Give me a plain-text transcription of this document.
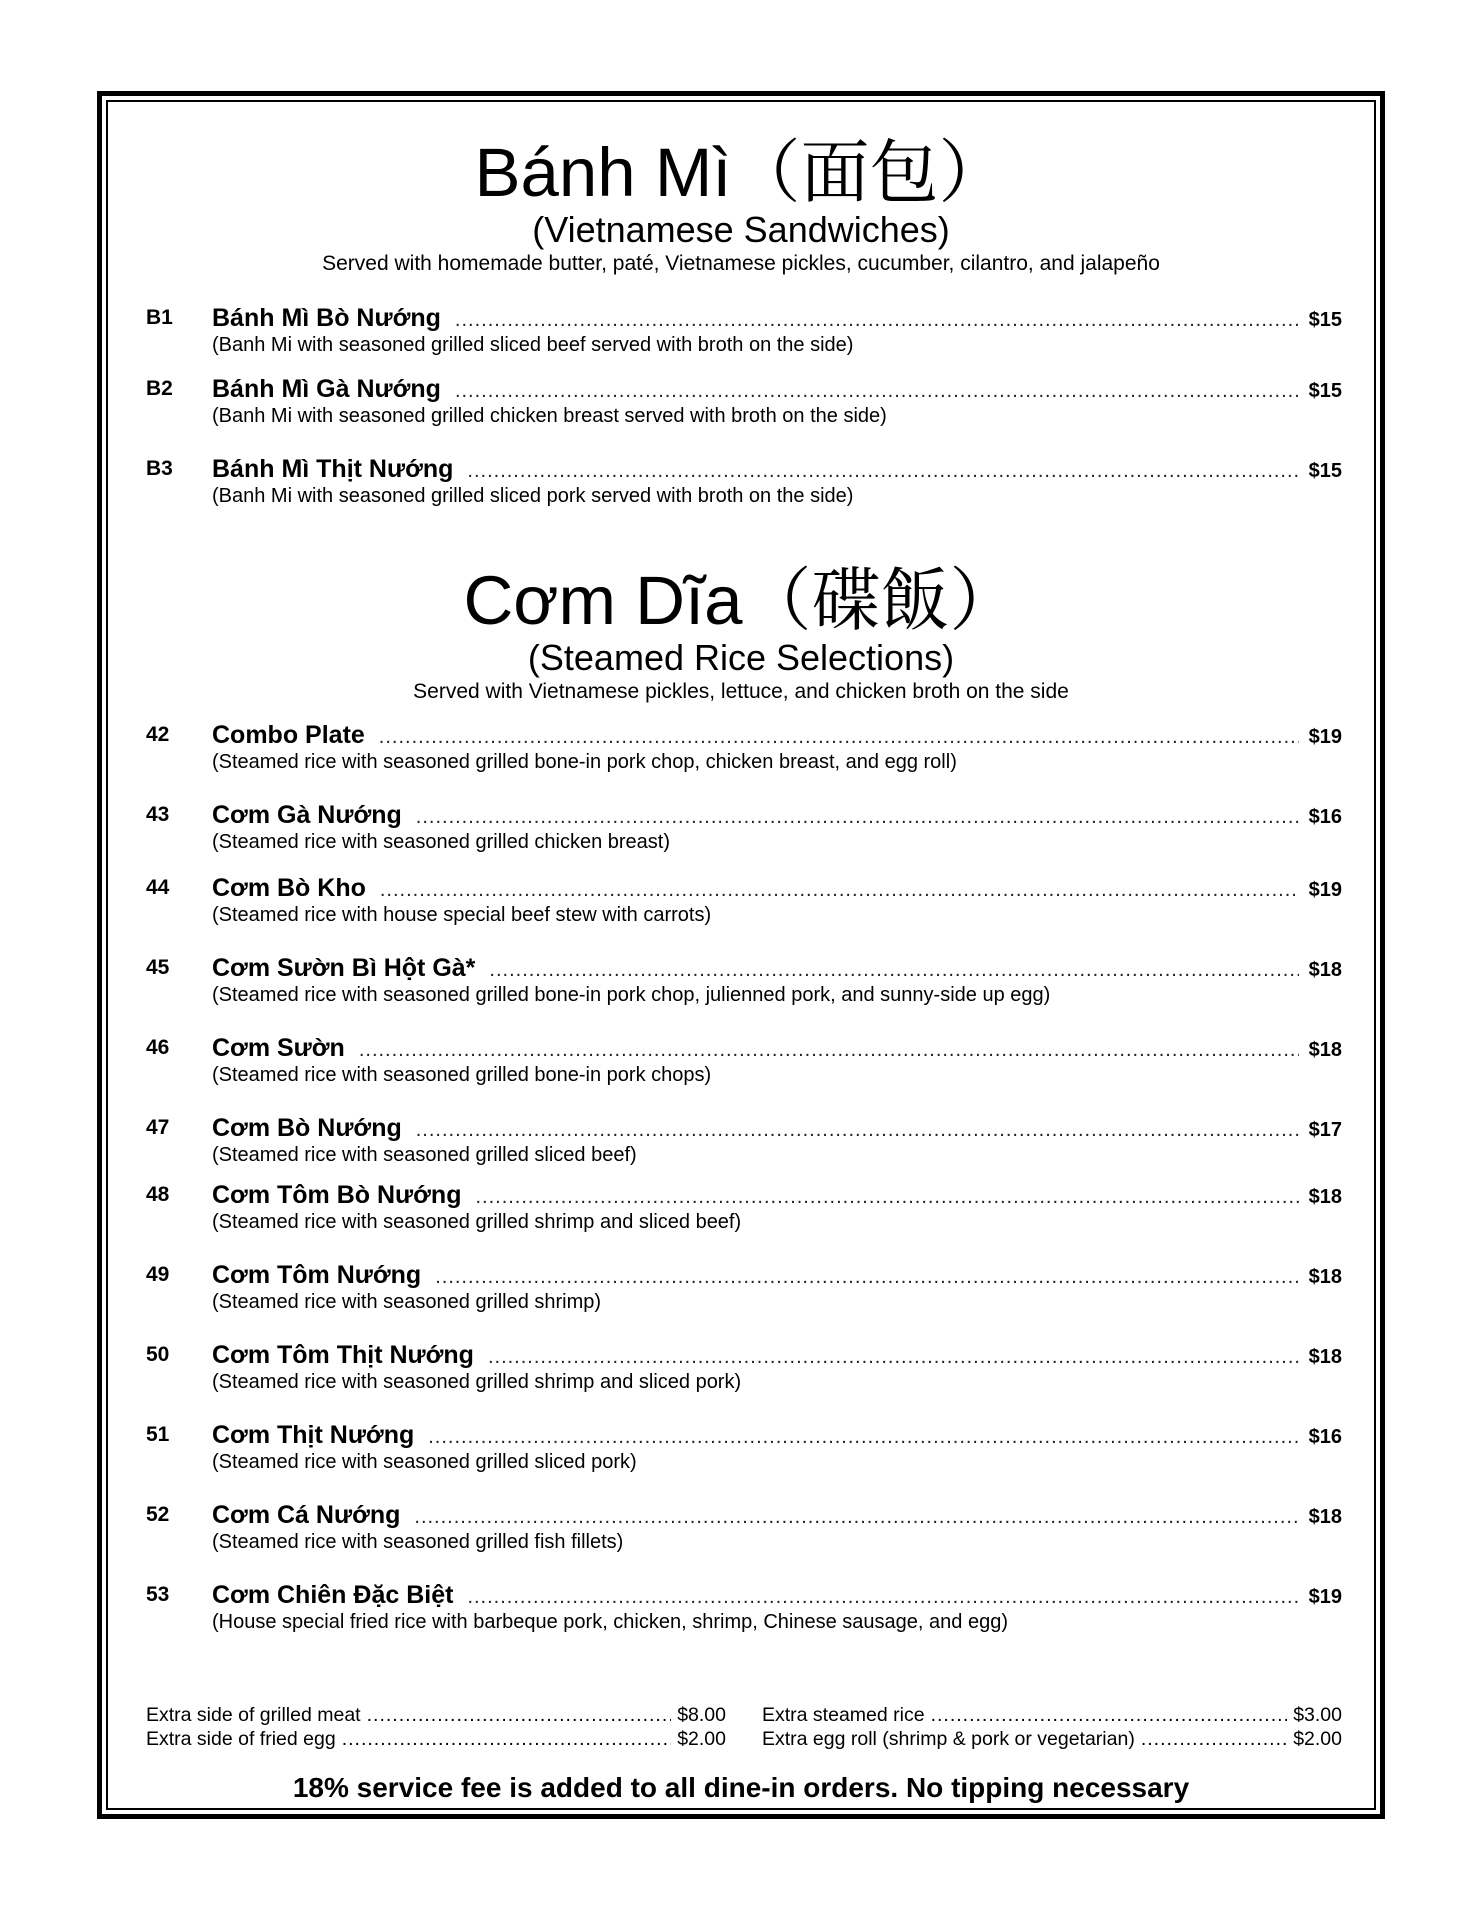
Bánh Mì（面包）
(Vietnamese Sandwiches)
Served with homemade butter, paté, Vietnamese pickles, cucumber, cilantro, and jalapeño
B1 Bánh Mì Bò Nướng .....	$15
(Banh Mi with seasoned grilled sliced beef served with broth on the side)
B2 Bánh Mì Gà Nướng .....	$15
(Banh Mi with seasoned grilled chicken breast served with broth on the side)
B3 Bánh Mì Thịt Nướng .....	$15
(Banh Mi with seasoned grilled sliced pork served with broth on the side)
Cơm Dĩa（碟飯）
(Steamed Rice Selections)
Served with Vietnamese pickles, lettuce, and chicken broth on the side
42 Combo Plate .....	$19
(Steamed rice with seasoned grilled bone-in pork chop, chicken breast, and egg roll)
43 Cơm Gà Nướng .....	$16
(Steamed rice with seasoned grilled chicken breast)
44 Cơm Bò Kho .....	$19
(Steamed rice with house special beef stew with carrots)
45 Cơm Sườn Bì Hột Gà* .....	$18
(Steamed rice with seasoned grilled bone-in pork chop, julienned pork, and sunny-side up egg)
46 Cơm Sườn .....	$18
(Steamed rice with seasoned grilled bone-in pork chops)
47 Cơm Bò Nướng .....	$17
(Steamed rice with seasoned grilled sliced beef)
48 Cơm Tôm Bò Nướng .....	$18
(Steamed rice with seasoned grilled shrimp and sliced beef)
49 Cơm Tôm Nướng .....	$18
(Steamed rice with seasoned grilled shrimp)
50 Cơm Tôm Thịt Nướng .....	$18
(Steamed rice with seasoned grilled shrimp and sliced pork)
51 Cơm Thịt Nướng .....	$16
(Steamed rice with seasoned grilled sliced pork)
52 Cơm Cá Nướng .....	$18
(Steamed rice with seasoned grilled fish fillets)
53 Cơm Chiên Đặc Biệt .....	$19
(House special fried rice with barbeque pork, chicken, shrimp, Chinese sausage, and egg)
Extra side of grilled meat .....	$8.00
Extra side of fried egg .....	$2.00
Extra steamed rice .....	$3.00
Extra egg roll (shrimp & pork or vegetarian) .....	$2.00
18% service fee is added to all dine-in orders. No tipping necessary
